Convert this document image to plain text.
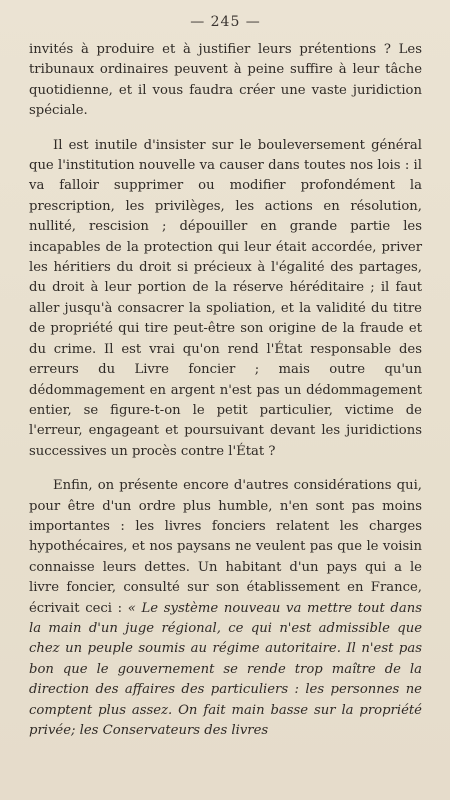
— 245 —

invités à produire et à justifier leurs prétentions ? Les tribunaux ordinaires peuvent à peine suffire à leur tâche quotidienne, et il vous faudra créer une vaste juridiction spéciale.

Il est inutile d'insister sur le bouleversement général que l'institution nouvelle va causer dans toutes nos lois : il va falloir supprimer ou modifier profondément la prescription, les privilèges, les actions en résolution, nullité, rescision ; dépouiller en grande partie les incapables de la protection qui leur était accordée, priver les héritiers du droit si précieux à l'égalité des partages, du droit à leur portion de la réserve héréditaire ; il faut aller jusqu'à consacrer la spoliation, et la validité du titre de propriété qui tire peut-être son origine de la fraude et du crime. Il est vrai qu'on rend l'État responsable des erreurs du Livre foncier ; mais outre qu'un dédommagement en argent n'est pas un dédommagement entier, se figure-t-on le petit particulier, victime de l'erreur, engageant et poursuivant devant les juridictions successives un procès contre l'État ?

Enfin, on présente encore d'autres considérations qui, pour être d'un ordre plus humble, n'en sont pas moins importantes : les livres fonciers relatent les charges hypothécaires, et nos paysans ne veulent pas que le voisin connaisse leurs dettes. Un habitant d'un pays qui a le livre foncier, consulté sur son établissement en France, écrivait ceci : « Le système nouveau va mettre tout dans la main d'un juge régional, ce qui n'est admissible que chez un peuple soumis au régime autoritaire. Il n'est pas bon que le gouvernement se rende trop maître de la direction des affaires des particuliers : les personnes ne comptent plus assez. On fait main basse sur la propriété privée; les Conservateurs des livres
